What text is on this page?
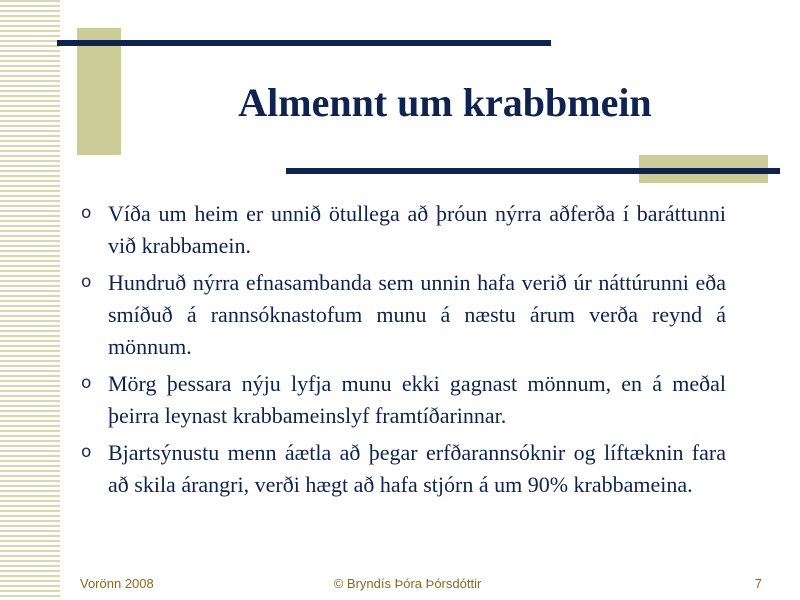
Almennt um krabbmein
o Víða um heim er unnið ötullega að þróun nýrra aðferða í baráttunni við krabbamein.
o Hundruð nýrra efnasambanda sem unnin hafa verið úr náttúrunni eða smíðuð á rannsóknastofum munu á næstu árum verða reynd á mönnum.
o Mörg þessara nýju lyfja munu ekki gagnast mönnum, en á meðal þeirra leynast krabbameinslyf framtíðarinnar.
o Bjartsýnustu menn áætla að þegar erfðarannsóknir og líftæknin fara að skila árangri, verði hægt að hafa stjórn á um 90% krabbameina.
Vorönn 2008	© Bryndís Þóra Þórsdóttir	7
